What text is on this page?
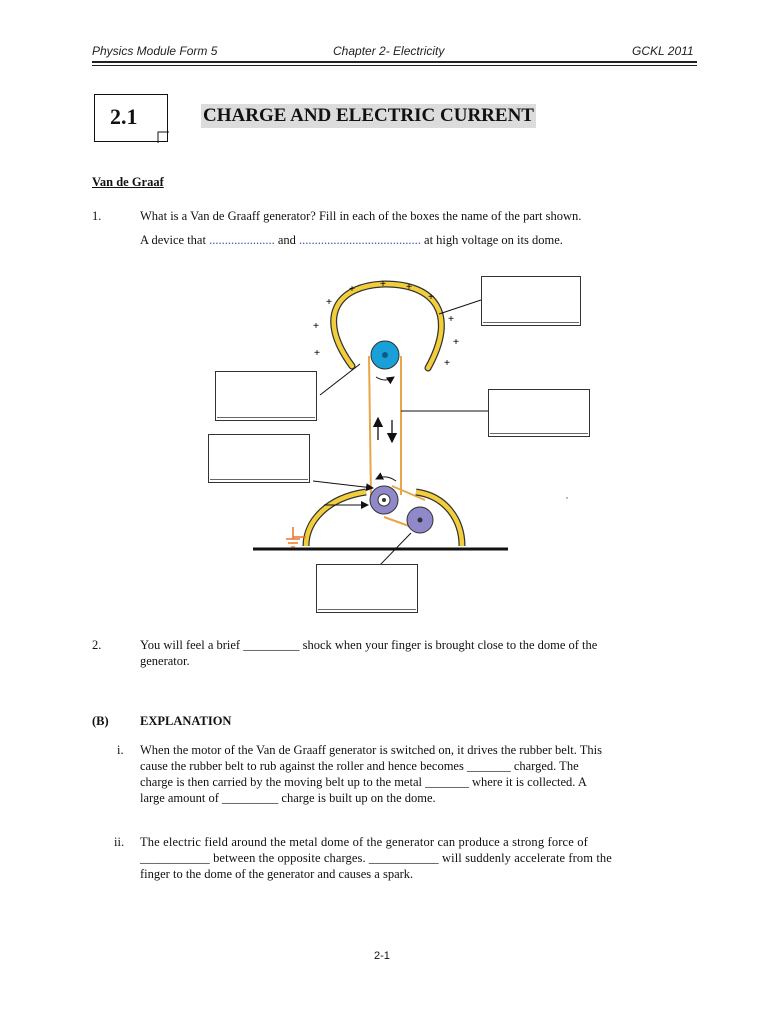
Physics Module Form 5	Chapter 2- Electricity	GCKL 2011
2.1	CHARGE AND ELECTRIC CURRENT
Van de Graaf
1.	What is a Van de Graaff generator? Fill in each of the boxes the name of the part shown.
A device that ..................... and ....................................... at high voltage on its dome.
+ + +
+
+
+
+
+
+
+
2.	You will feel a brief _________ shock when your finger is brought close to the dome of the
generator.
(B)	EXPLANATION
i. When the motor of the Van de Graaff generator is switched on, it drives the rubber belt. This
cause the rubber belt to rub against the roller and hence becomes _______ charged. The
charge is then carried by the moving belt up to the metal _______ where it is collected. A
large amount of _________ charge is built up on the dome.
ii. The electric field around the metal dome of the generator can produce a strong force of
___________ between the opposite charges. ___________ will suddenly accelerate from the
finger to the dome of the generator and causes a spark.
2-1
